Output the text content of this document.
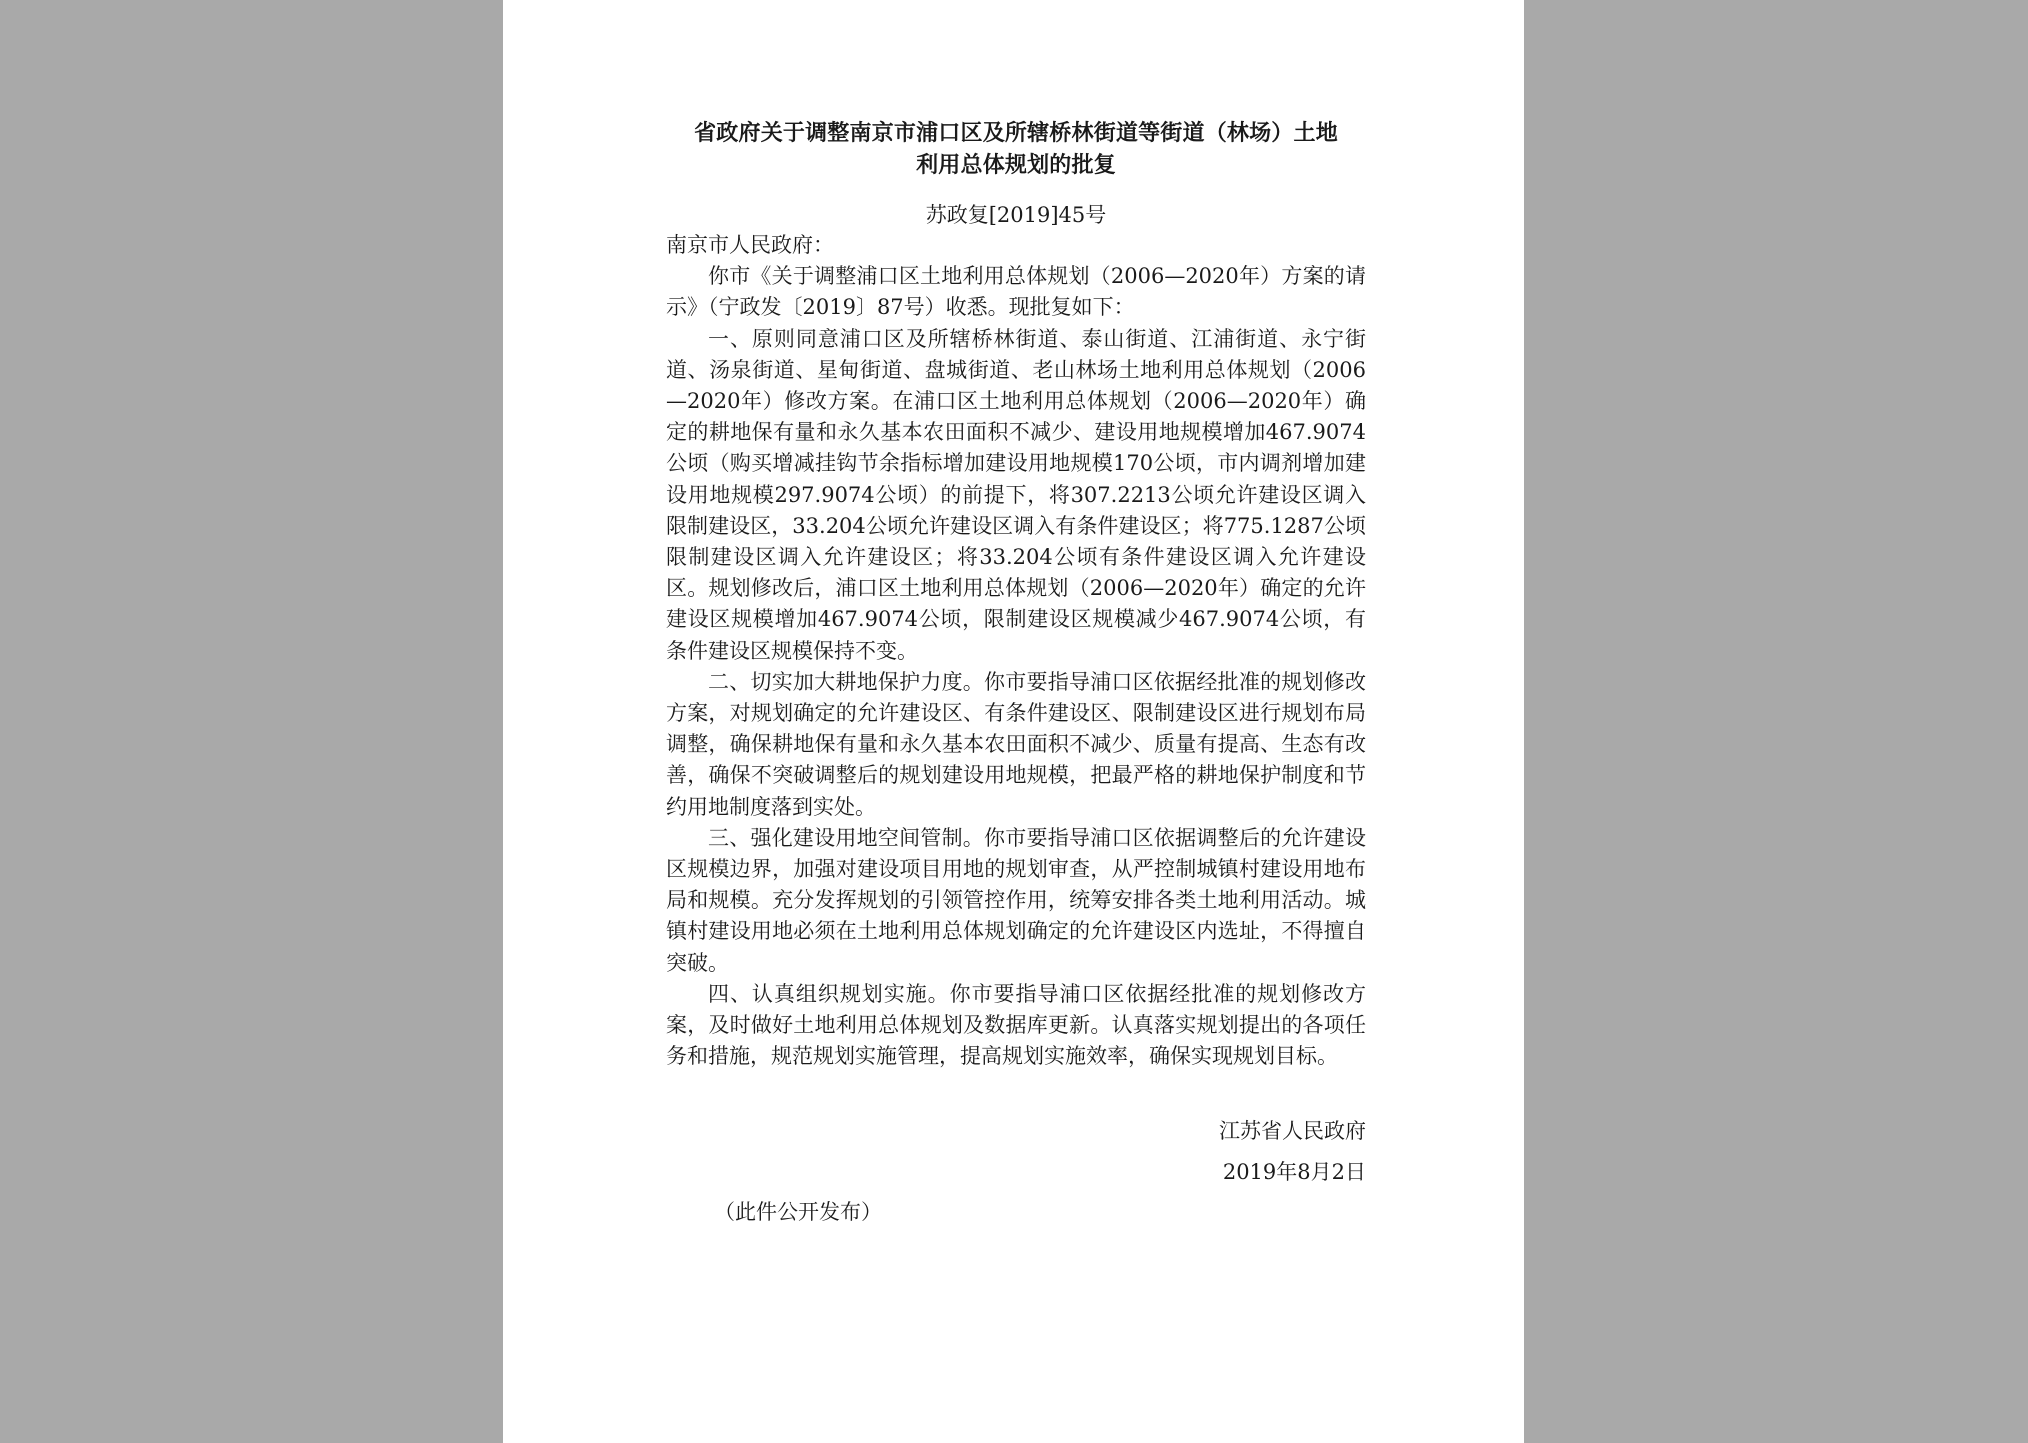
省政府关于调整南京市浦口区及所辖桥林街道等街道（林场）土地

利用总体规划的批复

苏政复[2019]45号

南京市人民政府：

你市《关于调整浦口区土地利用总体规划（2006—2020年）方案的请示》（宁政发〔2019〕87号）收悉。现批复如下：

一、原则同意浦口区及所辖桥林街道、泰山街道、江浦街道、永宁街道、汤泉街道、星甸街道、盘城街道、老山林场土地利用总体规划（2006—2020年）修改方案。在浦口区土地利用总体规划（2006—2020年）确定的耕地保有量和永久基本农田面积不减少、建设用地规模增加467.9074公顷（购买增减挂钩节余指标增加建设用地规模170公顷，市内调剂增加建设用地规模297.9074公顷）的前提下，将307.2213公顷允许建设区调入限制建设区，33.204公顷允许建设区调入有条件建设区；将775.1287公顷限制建设区调入允许建设区；将33.204公顷有条件建设区调入允许建设区。规划修改后，浦口区土地利用总体规划（2006—2020年）确定的允许建设区规模增加467.9074公顷，限制建设区规模减少467.9074公顷，有条件建设区规模保持不变。

二、切实加大耕地保护力度。你市要指导浦口区依据经批准的规划修改方案，对规划确定的允许建设区、有条件建设区、限制建设区进行规划布局调整，确保耕地保有量和永久基本农田面积不减少、质量有提高、生态有改善，确保不突破调整后的规划建设用地规模，把最严格的耕地保护制度和节约用地制度落到实处。

三、强化建设用地空间管制。你市要指导浦口区依据调整后的允许建设区规模边界，加强对建设项目用地的规划审查，从严控制城镇村建设用地布局和规模。充分发挥规划的引领管控作用，统筹安排各类土地利用活动。城镇村建设用地必须在土地利用总体规划确定的允许建设区内选址，不得擅自突破。

四、认真组织规划实施。你市要指导浦口区依据经批准的规划修改方案，及时做好土地利用总体规划及数据库更新。认真落实规划提出的各项任务和措施，规范规划实施管理，提高规划实施效率，确保实现规划目标。

江苏省人民政府

2019年8月2日

（此件公开发布）
